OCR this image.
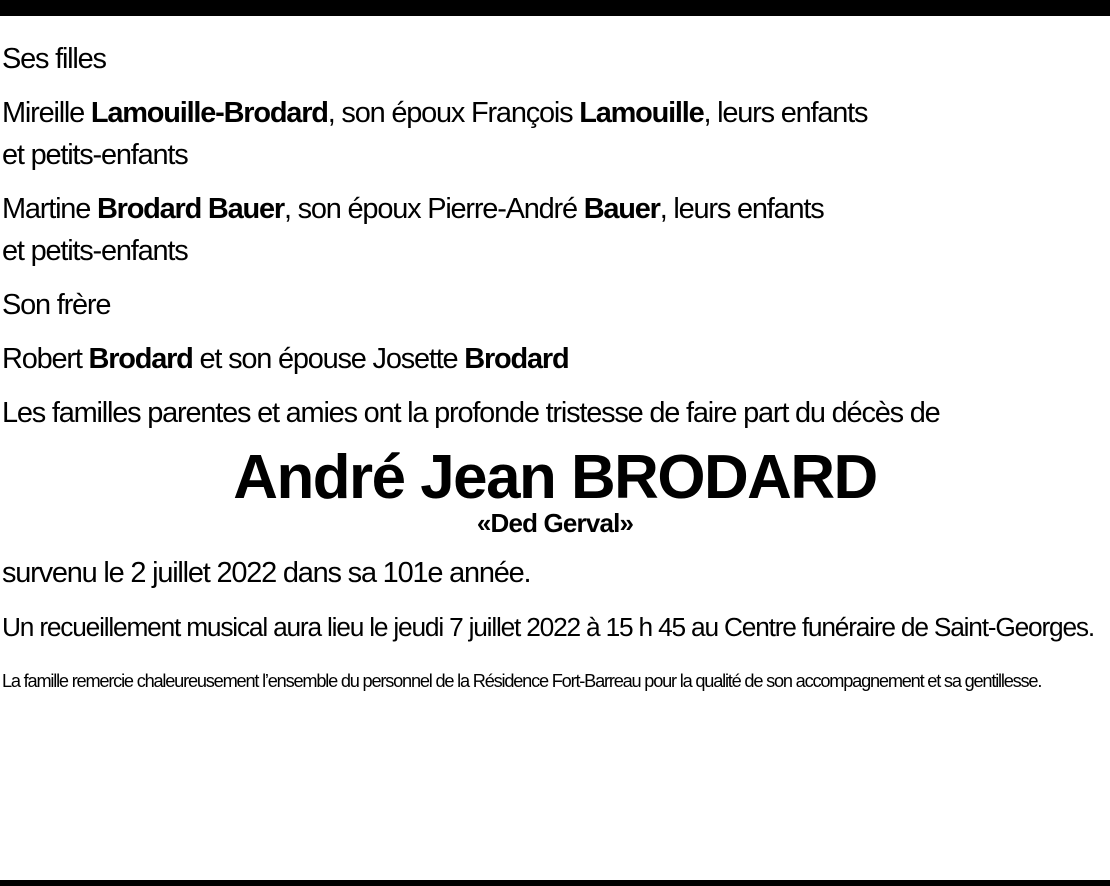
Ses filles

Mireille Lamouille-Brodard, son époux François Lamouille, leurs enfants
et petits-enfants

Martine Brodard Bauer, son époux Pierre-André Bauer, leurs enfants
et petits-enfants

Son frère

Robert Brodard et son épouse Josette Brodard

Les familles parentes et amies ont la profonde tristesse de faire part du décès de

André Jean BRODARD
«Ded Gerval»

survenu le 2 juillet 2022 dans sa 101e année.

Un recueillement musical aura lieu le jeudi 7 juillet 2022 à 15 h 45 au Centre funéraire de Saint-Georges.

La famille remercie chaleureusement l’ensemble du personnel de la Résidence Fort-Barreau pour la qualité de son accompagnement et sa gentillesse.
